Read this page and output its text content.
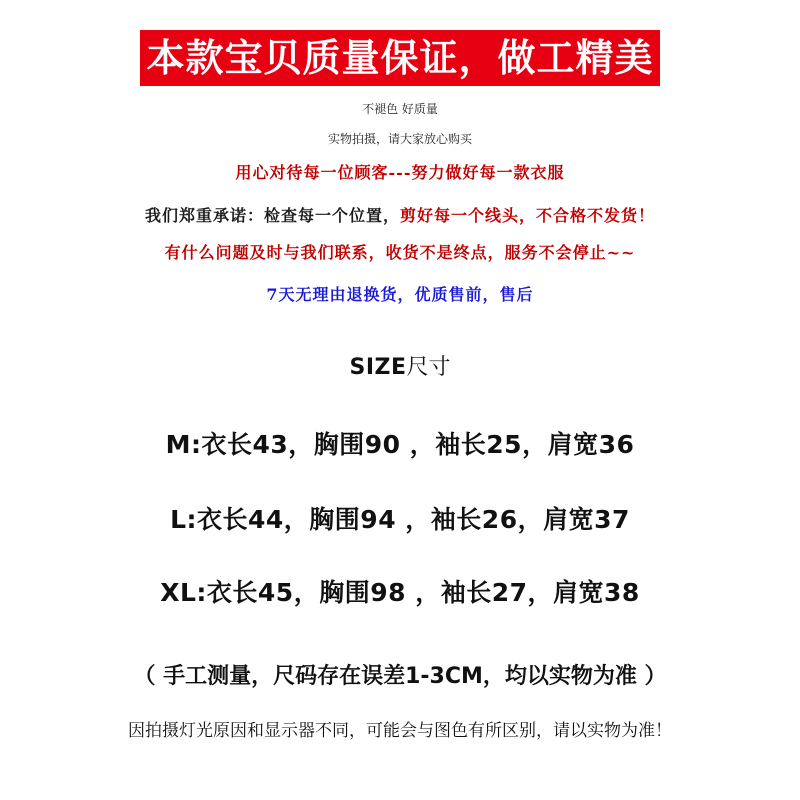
本款宝贝质量保证，做工精美
不褪色 好质量
实物拍摄，请大家放心购买
用心对待每一位顾客---努力做好每一款衣服
我们郑重承诺：检查每一个位置，剪好每一个线头，不合格不发货！
有什么问题及时与我们联系，收货不是终点，服务不会停止~~
7天无理由退换货，优质售前，售后
SIZE尺寸
M:衣长43，胸围90 ，袖长25，肩宽36
L:衣长44，胸围94 ，袖长26，肩宽37
XL:衣长45，胸围98 ，袖长27，肩宽38
（ 手工测量，尺码存在误差1-3CM，均以实物为准 ）
因拍摄灯光原因和显示器不同，可能会与图色有所区别，请以实物为准！
